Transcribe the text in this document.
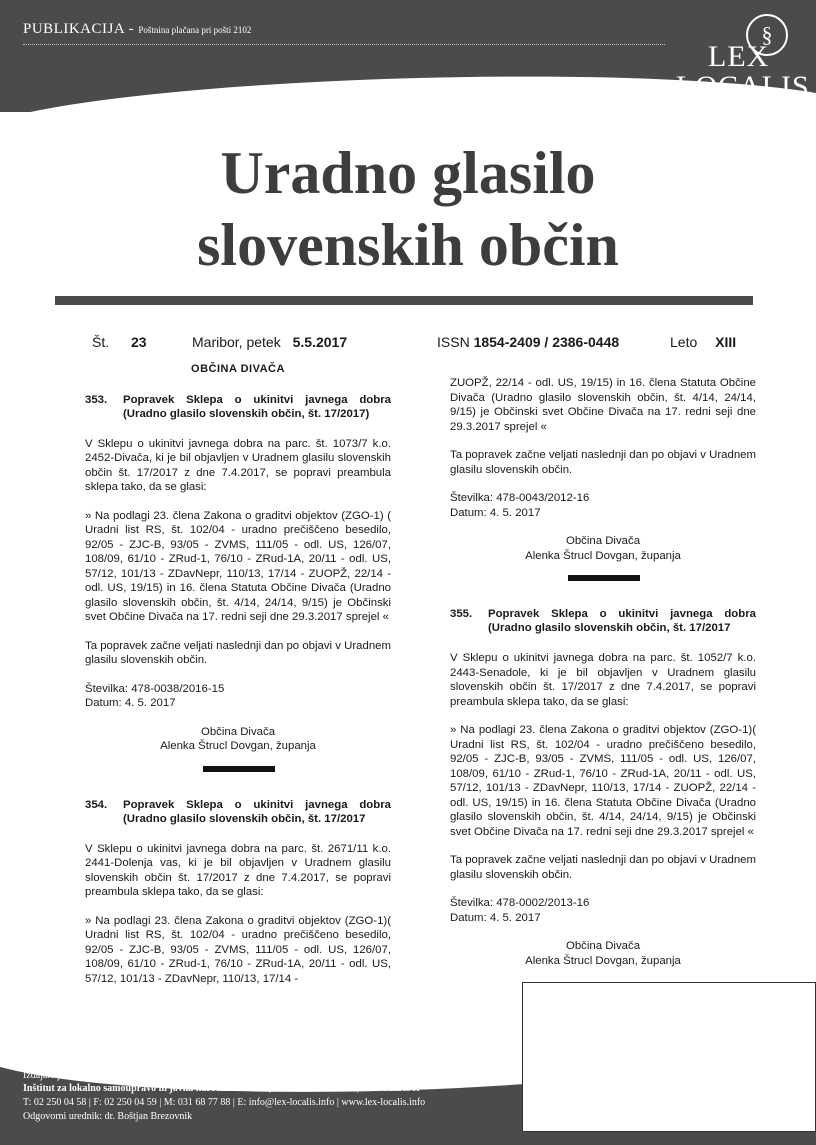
PUBLIKACIJA - Poštnina plačana pri pošti 2102	§
LEX
LOCALIS
Uradno glasilo
slovenskih občin
Št. 23	Maribor, petek 5.5.2017	ISSN 1854-2409 / 2386-0448	Leto XIII

OBČINA DIVAČA

353.	Popravek Sklepa o ukinitvi javnega dobra (Uradno glasilo slovenskih občin, št. 17/2017)

V Sklepu o ukinitvi javnega dobra na parc. št. 1073/7 k.o. 2452-Divača, ki je bil objavljen v Uradnem glasilu slovenskih občin št. 17/2017 z dne 7.4.2017, se popravi preambula sklepa tako, da se glasi:

» Na podlagi 23. člena Zakona o graditvi objektov (ZGO-1) ( Uradni list RS, št. 102/04 - uradno prečiščeno besedilo, 92/05 - ZJC-B, 93/05 - ZVMS, 111/05 - odl. US, 126/07, 108/09, 61/10 - ZRud-1, 76/10 - ZRud-1A, 20/11 - odl. US, 57/12, 101/13 - ZDavNepr, 110/13, 17/14 - ZUOPŽ, 22/14 - odl. US, 19/15) in 16. člena Statuta Občine Divača (Uradno glasilo slovenskih občin, št. 4/14, 24/14, 9/15) je Občinski svet Občine Divača na 17. redni seji dne 29.3.2017 sprejel «

Ta popravek začne veljati naslednji dan po objavi v Uradnem glasilu slovenskih občin.

Številka: 478-0038/2016-15

Datum: 4. 5. 2017

Občina Divača

Alenka Štrucl Dovgan, županja

354.	Popravek Sklepa o ukinitvi javnega dobra (Uradno glasilo slovenskih občin, št. 17/2017

V Sklepu o ukinitvi javnega dobra na parc. št. 2671/11 k.o. 2441-Dolenja vas, ki je bil objavljen v Uradnem glasilu slovenskih občin št. 17/2017 z dne 7.4.2017, se popravi preambula sklepa tako, da se glasi:

» Na podlagi 23. člena Zakona o graditvi objektov (ZGO-1)( Uradni list RS, št. 102/04 - uradno prečiščeno besedilo, 92/05 - ZJC-B, 93/05 - ZVMS, 111/05 - odl. US, 126/07, 108/09, 61/10 - ZRud-1, 76/10 - ZRud-1A, 20/11 - odl. US, 57/12, 101/13 - ZDavNepr, 110/13, 17/14 -

ZUOPŽ, 22/14 - odl. US, 19/15) in 16. člena Statuta Občine Divača (Uradno glasilo slovenskih občin, št. 4/14, 24/14, 9/15) je Občinski svet Občine Divača na 17. redni seji dne 29.3.2017 sprejel «

Ta popravek začne veljati naslednji dan po objavi v Uradnem glasilu slovenskih občin.

Številka: 478-0043/2012-16

Datum: 4. 5. 2017

Občina Divača

Alenka Štrucl Dovgan, županja

355.	Popravek Sklepa o ukinitvi javnega dobra (Uradno glasilo slovenskih občin, št. 17/2017

V Sklepu o ukinitvi javnega dobra na parc. št. 1052/7 k.o. 2443-Senadole, ki je bil objavljen v Uradnem glasilu slovenskih občin št. 17/2017 z dne 7.4.2017, se popravi preambula sklepa tako, da se glasi:

» Na podlagi 23. člena Zakona o graditvi objektov (ZGO-1)( Uradni list RS, št. 102/04 - uradno prečiščeno besedilo, 92/05 - ZJC-B, 93/05 - ZVMS, 111/05 - odl. US, 126/07, 108/09, 61/10 - ZRud-1, 76/10 - ZRud-1A, 20/11 - odl. US, 57/12, 101/13 - ZDavNepr, 110/13, 17/14 - ZUOPŽ, 22/14 - odl. US, 19/15) in 16. člena Statuta Občine Divača (Uradno glasilo slovenskih občin, št. 4/14, 24/14, 9/15) je Občinski svet Občine Divača na 17. redni seji dne 29.3.2017 sprejel «

Ta popravek začne veljati naslednji dan po objavi v Uradnem glasilu slovenskih občin.

Številka: 478-0002/2013-16

Datum: 4. 5. 2017

Občina Divača

Alenka Štrucl Dovgan, županja

Izdajatelj:
Inštitut za lokalno samoupravo in javna naročila Maribor, Smetanova ulica 30, 2000 Maribor
T: 02 250 04 58 | F: 02 250 04 59 | M: 031 68 77 88 | E: info@lex-localis.info | www.lex-localis.info
Odgovorni urednik: dr. Boštjan Brezovnik
